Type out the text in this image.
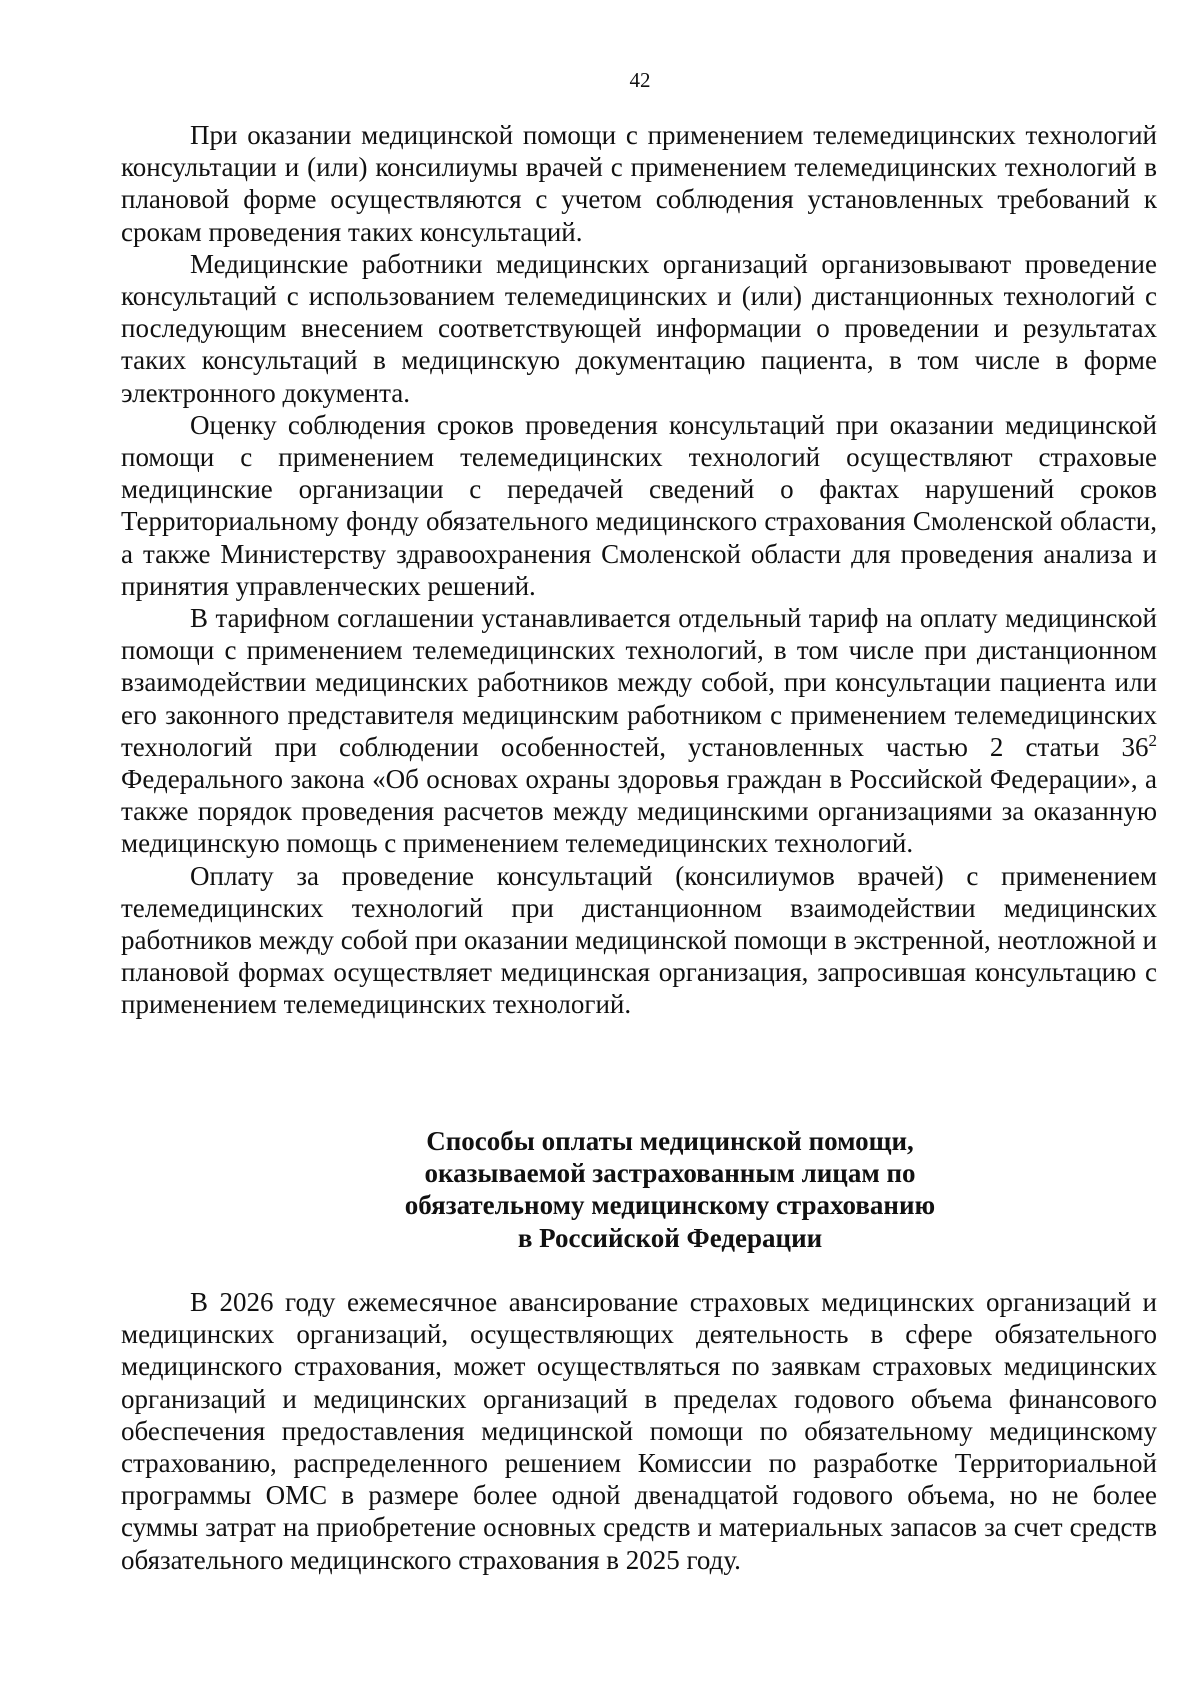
42

При оказании медицинской помощи с применением телемедицинских технологий консультации и (или) консилиумы врачей с применением телемедицинских технологий в плановой форме осуществляются с учетом соблюдения установленных требований к срокам проведения таких консультаций.

Медицинские работники медицинских организаций организовывают проведение консультаций с использованием телемедицинских и (или) дистанционных технологий с последующим внесением соответствующей информации о проведении и результатах таких консультаций в медицинскую документацию пациента, в том числе в форме электронного документа.

Оценку соблюдения сроков проведения консультаций при оказании медицинской помощи с применением телемедицинских технологий осуществляют страховые медицинские организации с передачей сведений о фактах нарушений сроков Территориальному фонду обязательного медицинского страхования Смоленской области, а также Министерству здравоохранения Смоленской области для проведения анализа и принятия управленческих решений.

В тарифном соглашении устанавливается отдельный тариф на оплату медицинской помощи с применением телемедицинских технологий, в том числе при дистанционном взаимодействии медицинских работников между собой, при консультации пациента или его законного представителя медицинским работником с применением телемедицинских технологий при соблюдении особенностей, установленных частью 2 статьи $36^2$ Федерального закона «Об основах охраны здоровья граждан в Российской Федерации», а также порядок проведения расчетов между медицинскими организациями за оказанную медицинскую помощь с применением телемедицинских технологий.

Оплату за проведение консультаций (консилиумов врачей) с применением телемедицинских технологий при дистанционном взаимодействии медицинских работников между собой при оказании медицинской помощи в экстренной, неотложной и плановой формах осуществляет медицинская организация, запросившая консультацию с применением телемедицинских технологий.

Способы оплаты медицинской помощи,
оказываемой застрахованным лицам по
обязательному медицинскому страхованию
в Российской Федерации

В 2026 году ежемесячное авансирование страховых медицинских организаций и медицинских организаций, осуществляющих деятельность в сфере обязательного медицинского страхования, может осуществляться по заявкам страховых медицинских организаций и медицинских организаций в пределах годового объема финансового обеспечения предоставления медицинской помощи по обязательному медицинскому страхованию, распределенного решением Комиссии по разработке Территориальной программы ОМС в размере более одной двенадцатой годового объема, но не более суммы затрат на приобретение основных средств и материальных запасов за счет средств обязательного медицинского страхования в 2025 году.
